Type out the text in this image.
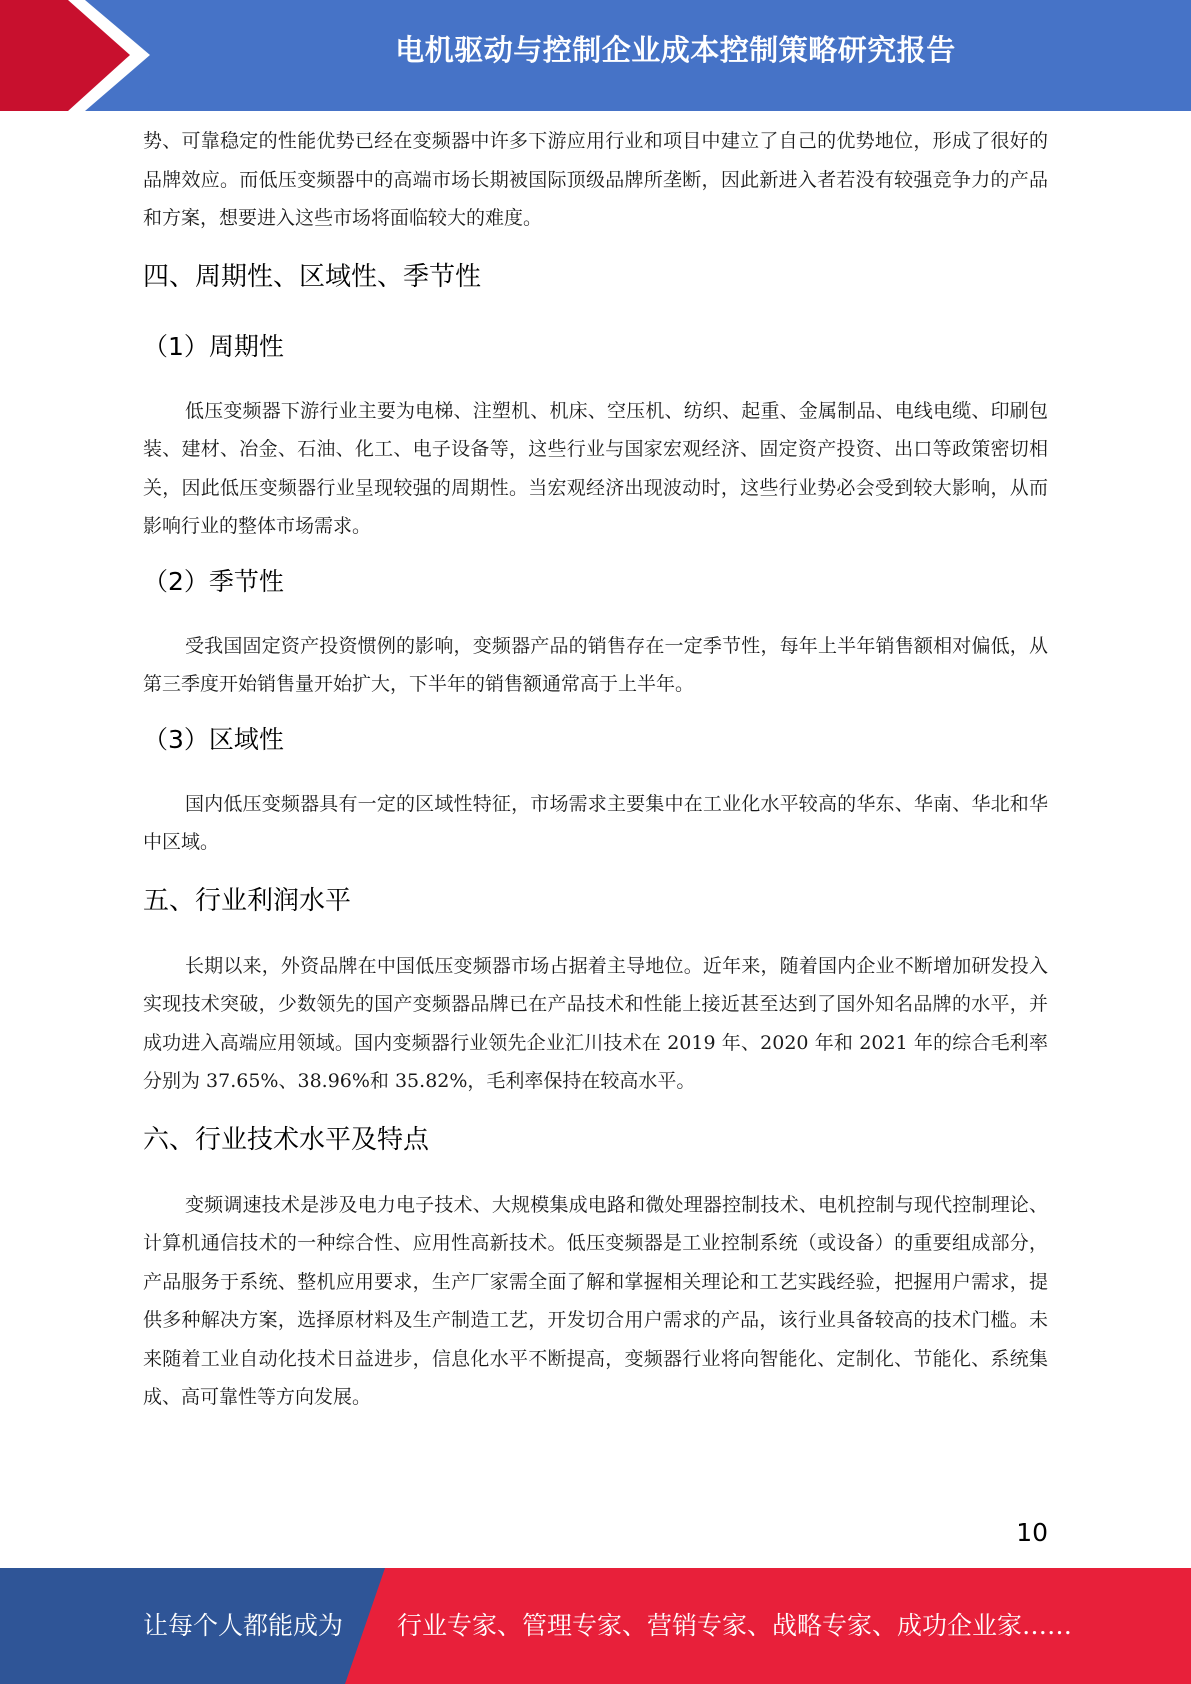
电机驱动与控制企业成本控制策略研究报告

势、可靠稳定的性能优势已经在变频器中许多下游应用行业和项目中建立了自己的优势地位，形成了很好的品牌效应。而低压变频器中的高端市场长期被国际顶级品牌所垄断，因此新进入者若没有较强竞争力的产品和方案，想要进入这些市场将面临较大的难度。

四、周期性、区域性、季节性
（1）周期性

低压变频器下游行业主要为电梯、注塑机、机床、空压机、纺织、起重、金属制品、电线电缆、印刷包装、建材、冶金、石油、化工、电子设备等，这些行业与国家宏观经济、固定资产投资、出口等政策密切相关，因此低压变频器行业呈现较强的周期性。当宏观经济出现波动时，这些行业势必会受到较大影响，从而影响行业的整体市场需求。

（2）季节性

受我国固定资产投资惯例的影响，变频器产品的销售存在一定季节性，每年上半年销售额相对偏低，从第三季度开始销售量开始扩大，下半年的销售额通常高于上半年。

（3）区域性

国内低压变频器具有一定的区域性特征，市场需求主要集中在工业化水平较高的华东、华南、华北和华中区域。

五、行业利润水平

长期以来，外资品牌在中国低压变频器市场占据着主导地位。近年来，随着国内企业不断增加研发投入实现技术突破，少数领先的国产变频器品牌已在产品技术和性能上接近甚至达到了国外知名品牌的水平，并成功进入高端应用领域。国内变频器行业领先企业汇川技术在 2019 年、2020 年和 2021 年的综合毛利率分别为 37.65%、38.96%和 35.82%，毛利率保持在较高水平。

六、行业技术水平及特点

变频调速技术是涉及电力电子技术、大规模集成电路和微处理器控制技术、电机控制与现代控制理论、计算机通信技术的一种综合性、应用性高新技术。低压变频器是工业控制系统（或设备）的重要组成部分，产品服务于系统、整机应用要求，生产厂家需全面了解和掌握相关理论和工艺实践经验，把握用户需求，提供多种解决方案，选择原材料及生产制造工艺，开发切合用户需求的产品，该行业具备较高的技术门槛。未来随着工业自动化技术日益进步，信息化水平不断提高，变频器行业将向智能化、定制化、节能化、系统集成、高可靠性等方向发展。

10
让每个人都能成为 行业专家、管理专家、营销专家、战略专家、成功企业家……
